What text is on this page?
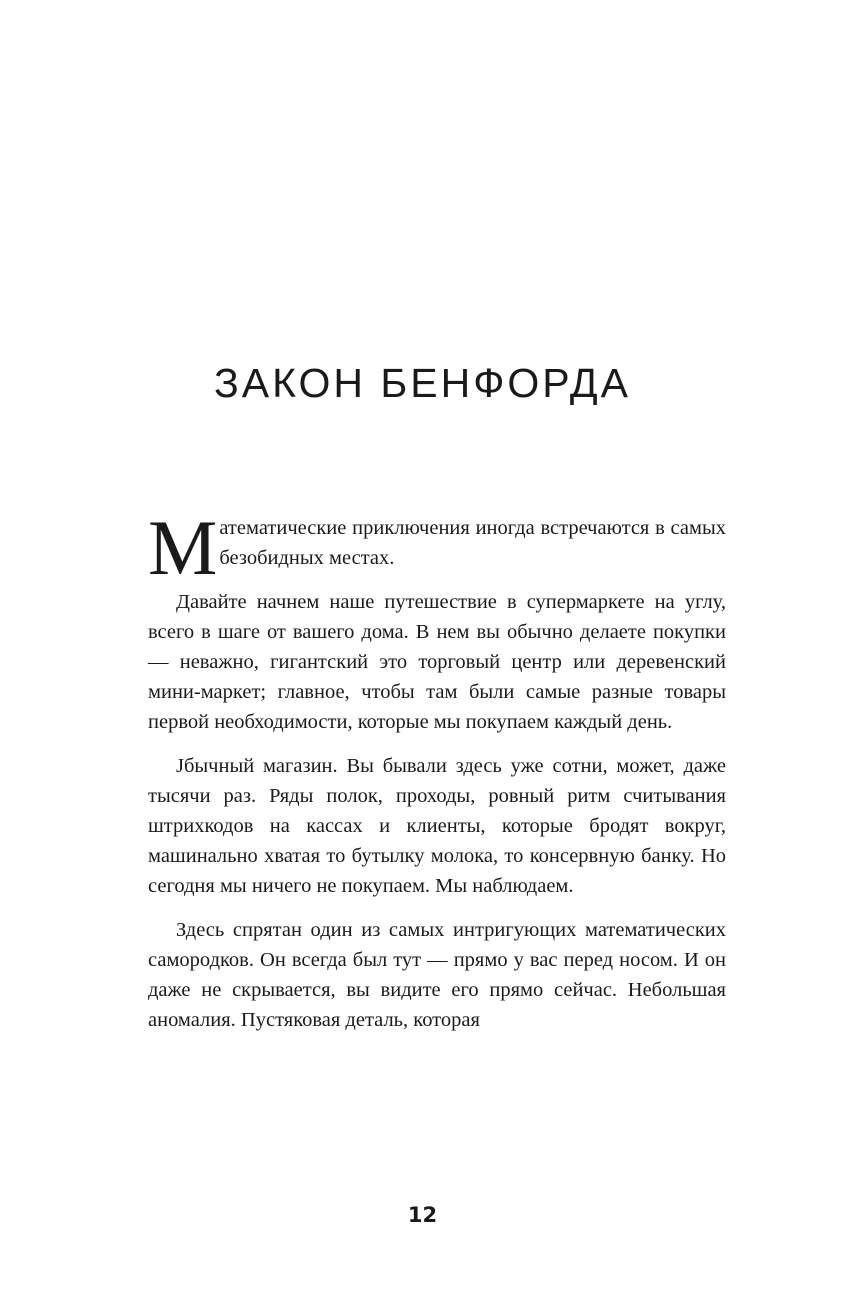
ЗАКОН БЕНФОРДА

Математические приключения иногда встречаются в самых безобидных местах.

Давайте начнем наше путешествие в супермаркете на углу, всего в шаге от вашего дома. В нем вы обычно делаете покупки — неважно, гигантский это торговый центр или деревенский мини-маркет; главное, чтобы там были самые разные товары первой необходимости, которые мы покупаем каждый день.

Јбычный магазин. Вы бывали здесь уже сотни, может, даже тысячи раз. Ряды полок, проходы, ровный ритм считывания штрихкодов на кассах и клиенты, которые бродят вокруг, машинально хватая то бутылку молока, то консервную банку. Но сегодня мы ничего не покупаем. Мы наблюдаем.

Здесь спрятан один из самых интригующих математических самородков. Он всегда был тут — прямо у вас перед носом. И он даже не скрывается, вы видите его прямо сейчас. Небольшая аномалия. Пустяковая деталь, которая

12
